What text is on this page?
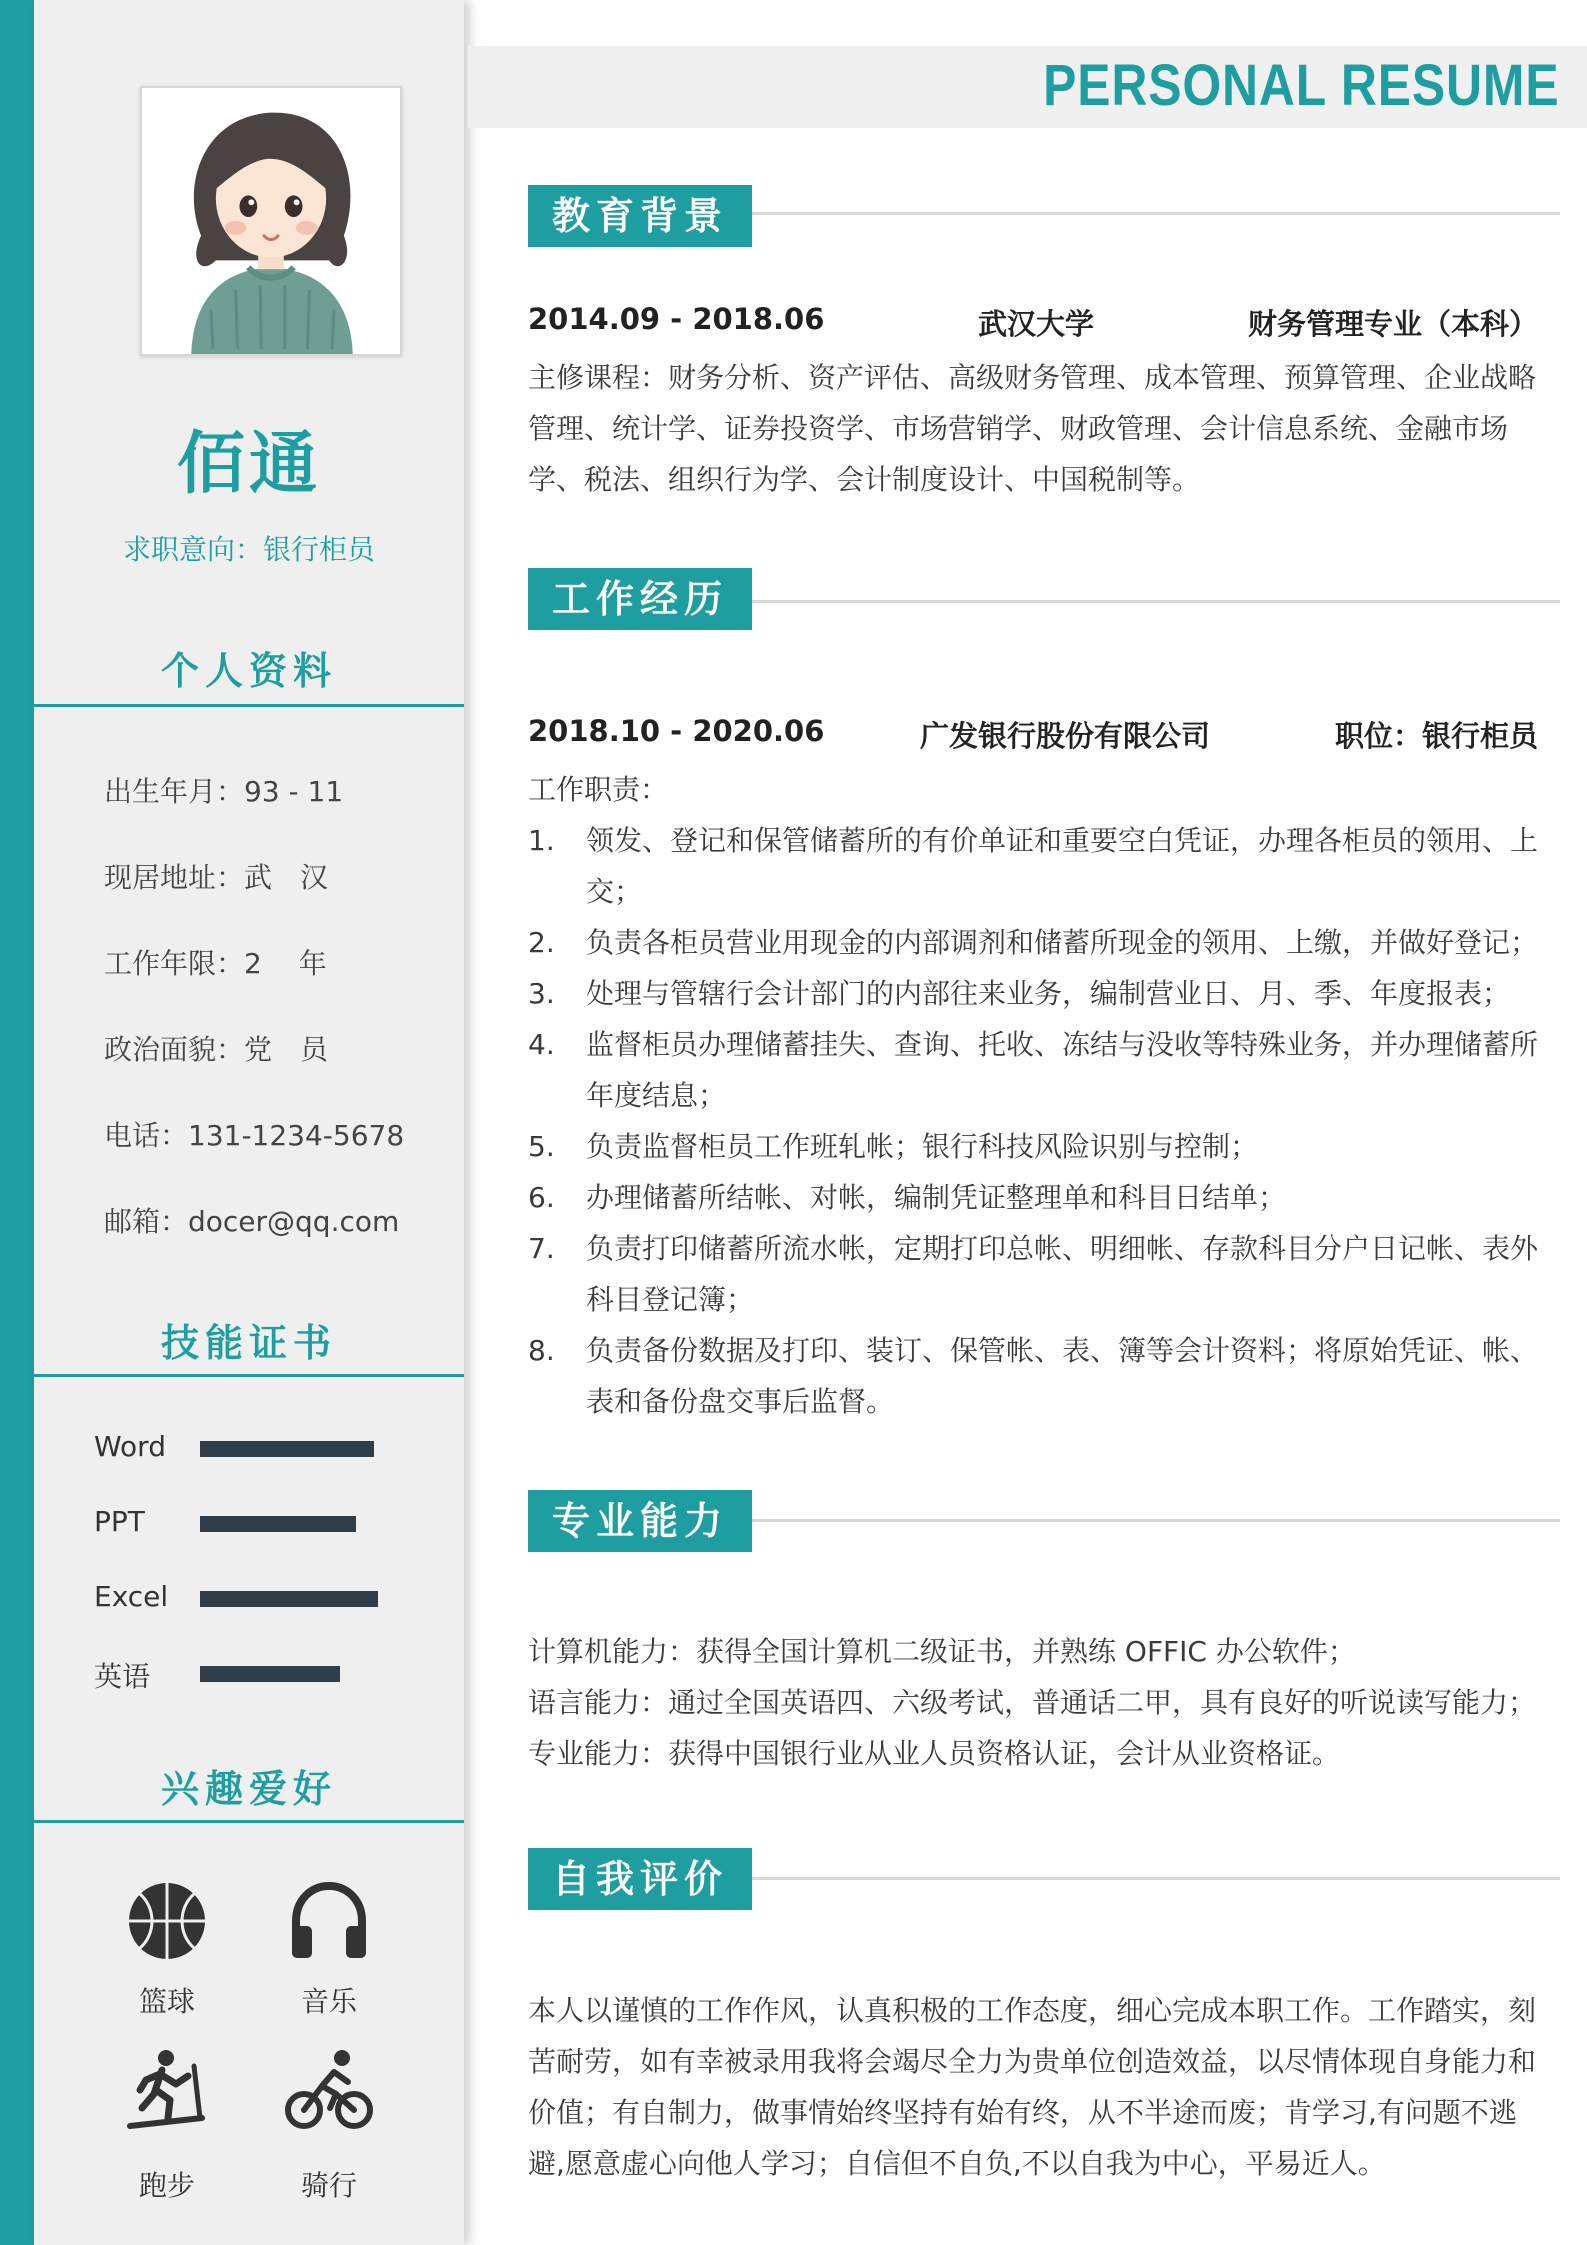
佰通
求职意向：银行柜员
个人资料
出生年月：93 - 11
现居地址：武　汉
工作年限：2　 年
政治面貌：党　员
电话：131-1234-5678
邮箱：docer@qq.com
技能证书
Word
PPT
Excel
英语
兴趣爱好
篮球	音乐
跑步	骑行
PERSONAL RESUME
教育背景
2014.09 - 2018.06	武汉大学	财务管理专业（本科）
主修课程：财务分析、资产评估、高级财务管理、成本管理、预算管理、企业战略管理、统计学、证券投资学、市场营销学、财政管理、会计信息系统、金融市场学、税法、组织行为学、会计制度设计、中国税制等。
工作经历
2018.10 - 2020.06	广发银行股份有限公司	职位：银行柜员
工作职责：
1. 领发、登记和保管储蓄所的有价单证和重要空白凭证，办理各柜员的领用、上交；
2. 负责各柜员营业用现金的内部调剂和储蓄所现金的领用、上缴，并做好登记；
3. 处理与管辖行会计部门的内部往来业务，编制营业日、月、季、年度报表；
4. 监督柜员办理储蓄挂失、查询、托收、冻结与没收等特殊业务，并办理储蓄所年度结息；
5. 负责监督柜员工作班轧帐；银行科技风险识别与控制；
6. 办理储蓄所结帐、对帐，编制凭证整理单和科目日结单；
7. 负责打印储蓄所流水帐，定期打印总帐、明细帐、存款科目分户日记帐、表外科目登记簿；
8. 负责备份数据及打印、装订、保管帐、表、簿等会计资料；将原始凭证、帐、表和备份盘交事后监督。
专业能力
计算机能力：获得全国计算机二级证书，并熟练 OFFIC 办公软件；
语言能力：通过全国英语四、六级考试，普通话二甲，具有良好的听说读写能力；
专业能力：获得中国银行业从业人员资格认证，会计从业资格证。
自我评价
本人以谨慎的工作作风，认真积极的工作态度，细心完成本职工作。工作踏实，刻苦耐劳，如有幸被录用我将会竭尽全力为贵单位创造效益，以尽情体现自身能力和价值；有自制力，做事情始终坚持有始有终，从不半途而废；肯学习,有问题不逃避,愿意虚心向他人学习；自信但不自负,不以自我为中心，平易近人。
